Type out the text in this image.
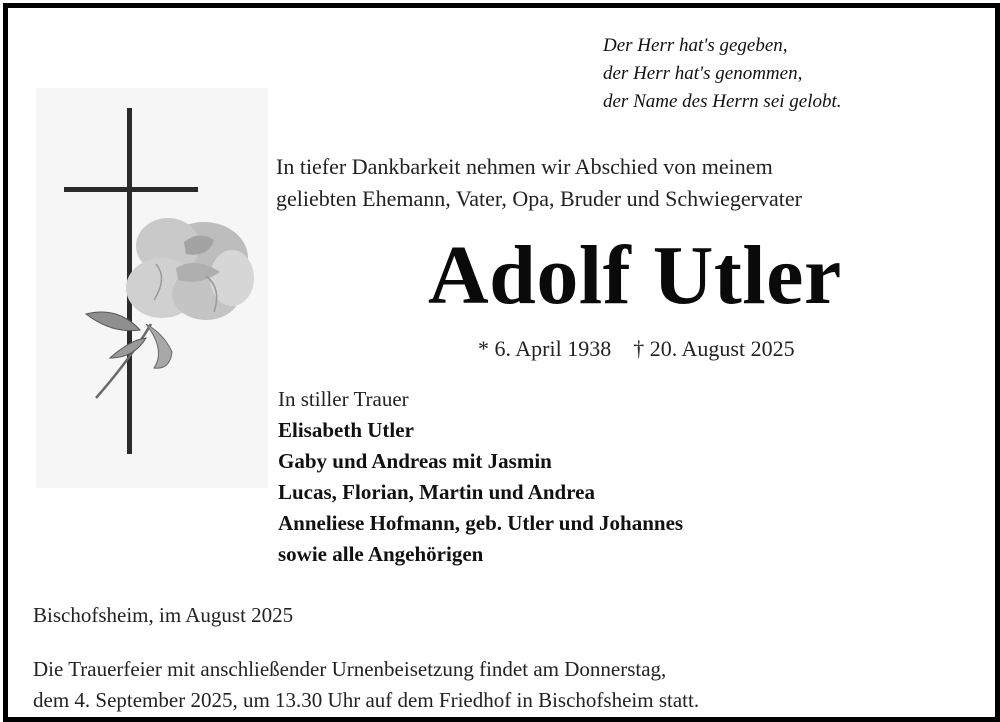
Der Herr hat's gegeben,
der Herr hat's genommen,
der Name des Herrn sei gelobt.
In tiefer Dankbarkeit nehmen wir Abschied von meinem
geliebten Ehemann, Vater, Opa, Bruder und Schwiegervater
Adolf Utler
* 6. April 1938 † 20. August 2025
In stiller Trauer
Elisabeth Utler
Gaby und Andreas mit Jasmin
Lucas, Florian, Martin und Andrea
Anneliese Hofmann, geb. Utler und Johannes
sowie alle Angehörigen
Bischofsheim, im August 2025
Die Trauerfeier mit anschließender Urnenbeisetzung findet am Donnerstag,
dem 4. September 2025, um 13.30 Uhr auf dem Friedhof in Bischofsheim statt.
